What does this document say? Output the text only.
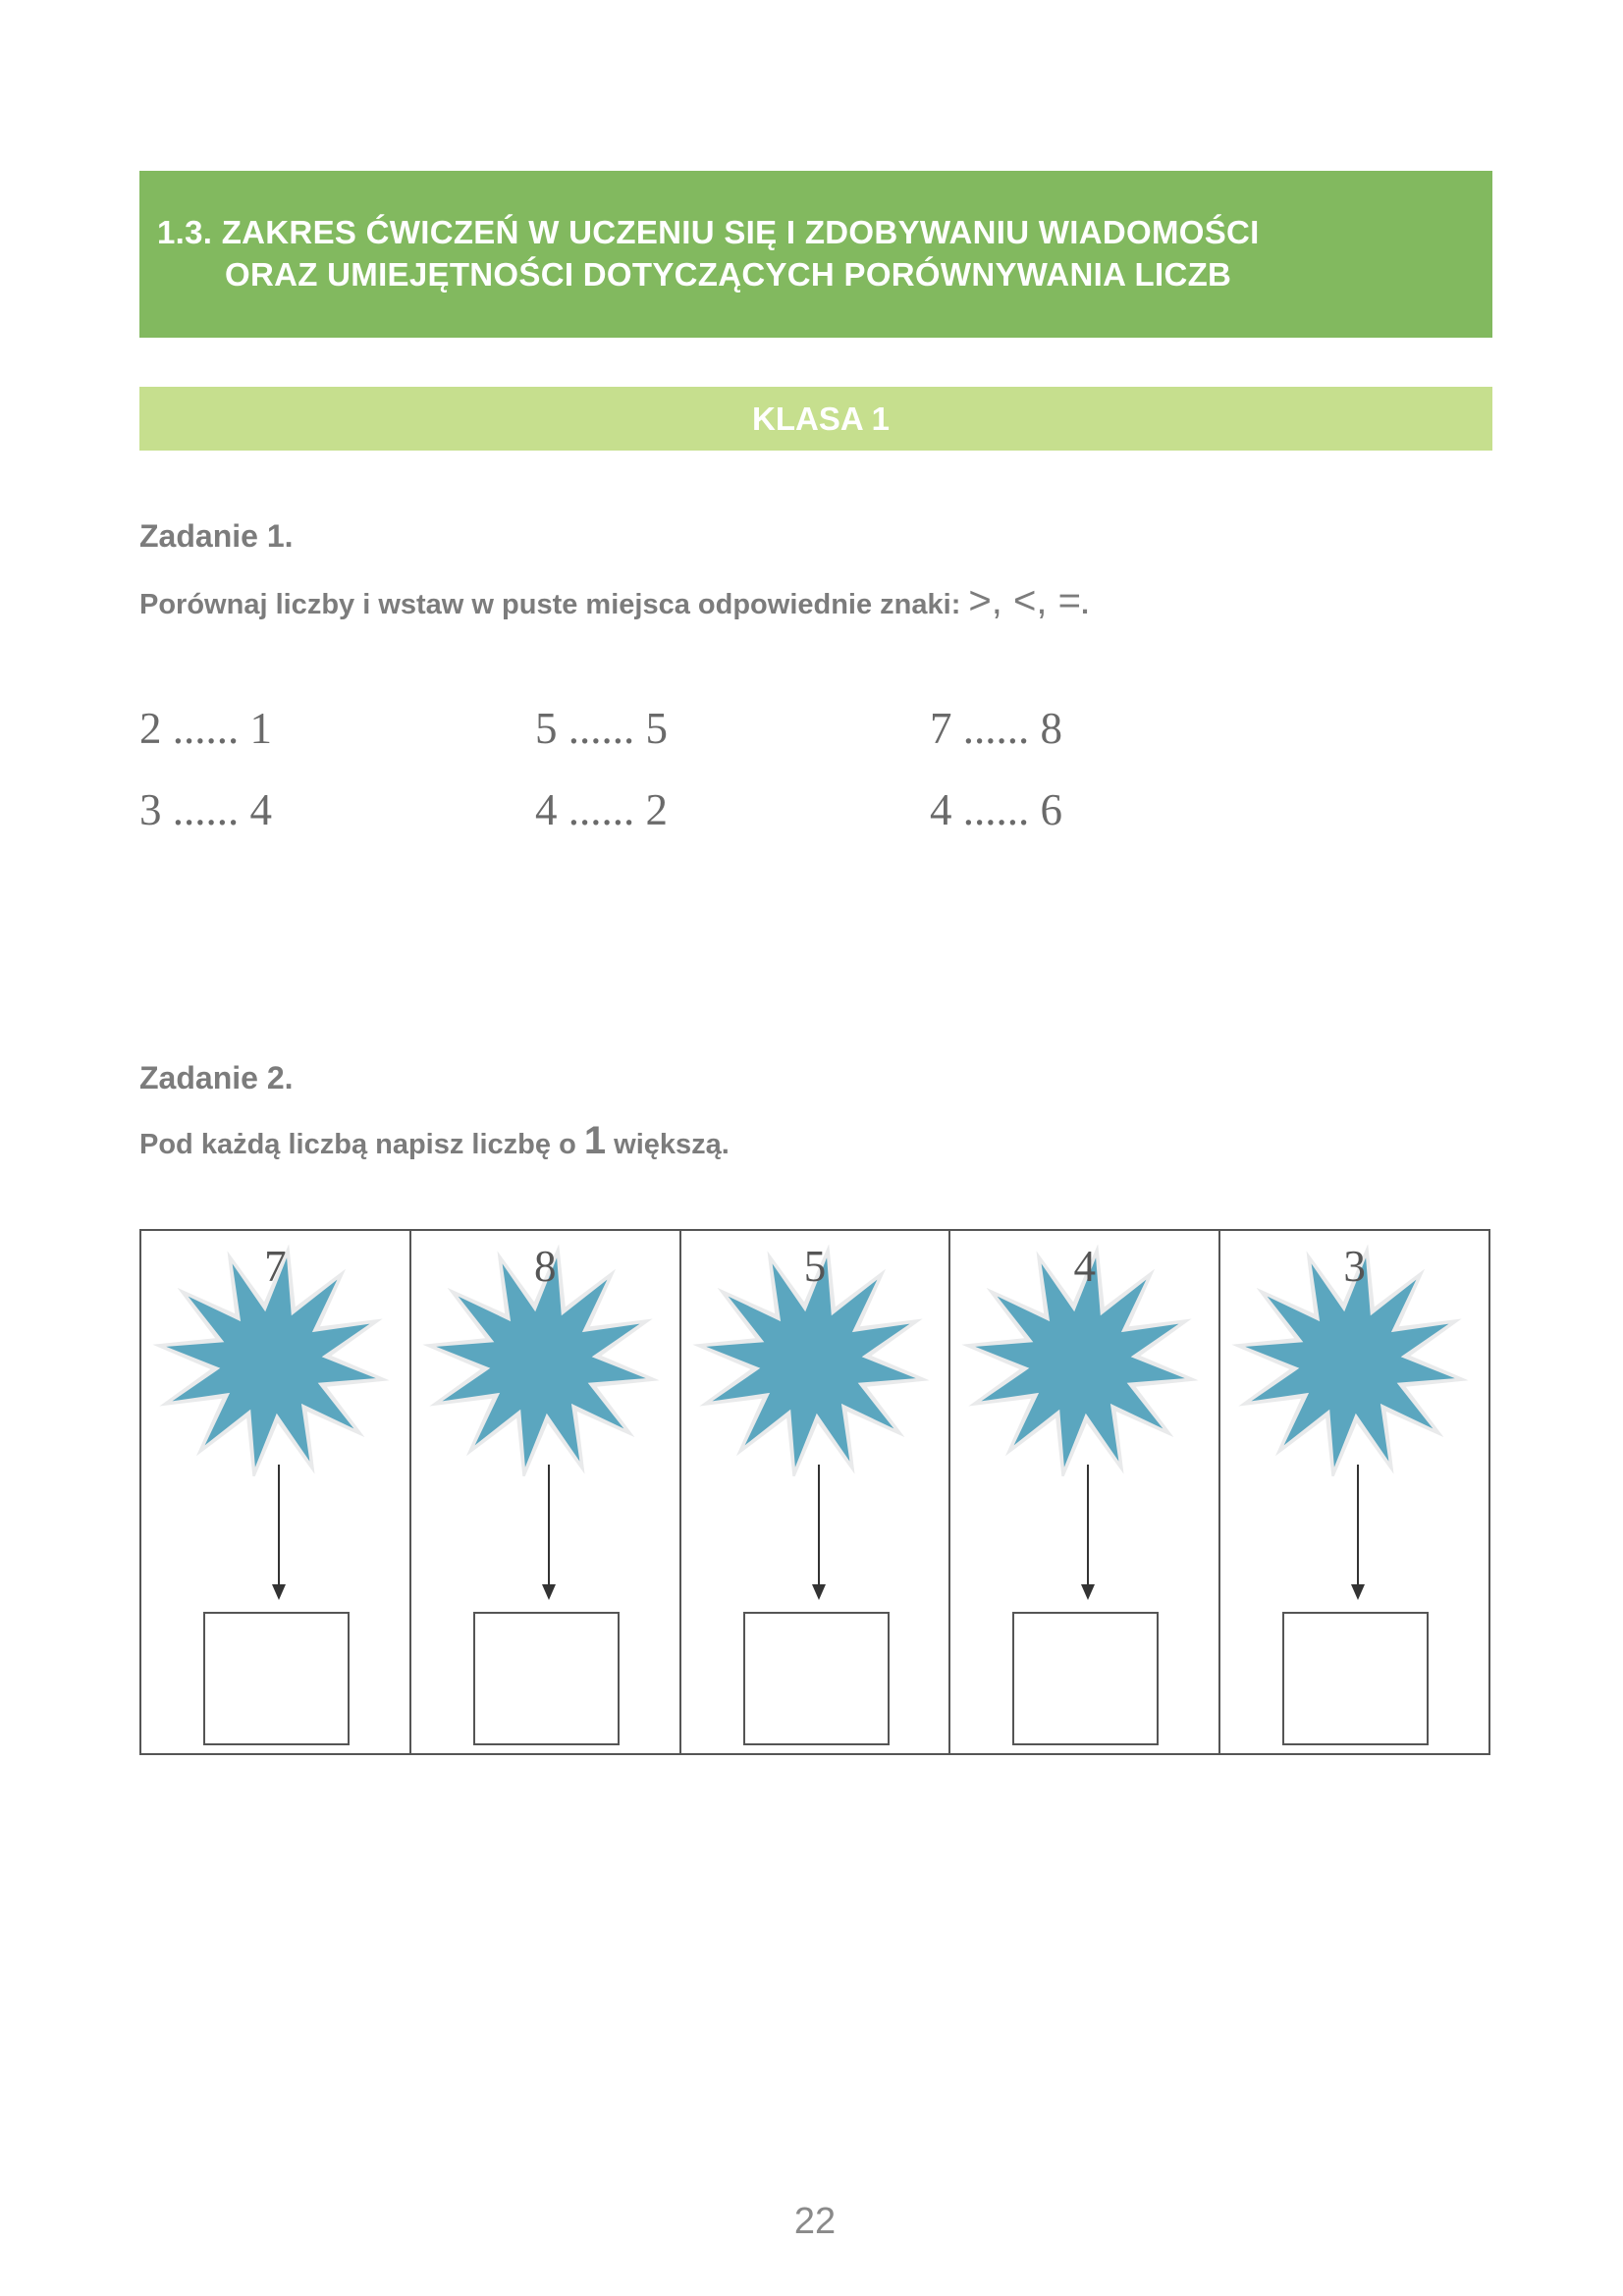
1.3. ZAKRES ĆWICZEŃ W UCZENIU SIĘ I ZDOBYWANIU WIADOMOŚCI
ORAZ UMIEJĘTNOŚCI DOTYCZĄCYCH PORÓWNYWANIA LICZB
KLASA 1
Zadanie 1.
Porównaj liczby i wstaw w puste miejsca odpowiednie znaki: >, <, =.
2 ...... 1	5 ...... 5	7 ...... 8
3 ...... 4	4 ...... 2	4 ...... 6
Zadanie 2.
Pod każdą liczbą napisz liczbę o 1 większą.
7	8	5	4	3
22
